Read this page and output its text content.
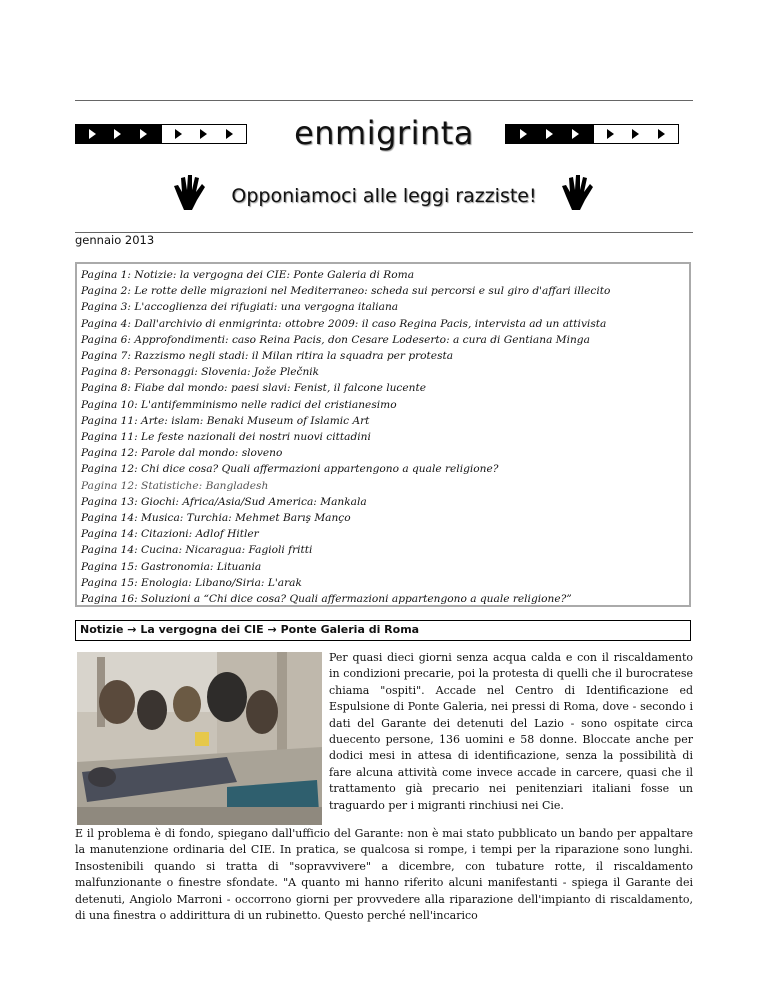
enmigrinta
Opponiamoci alle leggi razziste!
gennaio 2013
Pagina 1: Notizie: la vergogna dei CIE: Ponte Galeria di Roma
Pagina 2: Le rotte delle migrazioni nel Mediterraneo: scheda sui percorsi e sul giro d'affari illecito
Pagina 3: L'accoglienza dei rifugiati: una vergogna italiana
Pagina 4: Dall'archivio di enmigrinta: ottobre 2009: il caso Regina Pacis, intervista ad un attivista
Pagina 6: Approfondimenti: caso Reina Pacis, don Cesare Lodeserto: a cura di Gentiana Minga
Pagina 7: Razzismo negli stadi: il Milan ritira la squadra per protesta
Pagina 8: Personaggi: Slovenia: Jože Plečnik
Pagina 8: Fiabe dal mondo: paesi slavi: Fenist, il falcone lucente
Pagina 10: L'antifemminismo nelle radici del cristianesimo
Pagina 11: Arte: islam: Benaki Museum of Islamic Art
Pagina 11: Le feste nazionali dei nostri nuovi cittadini
Pagina 12: Parole dal mondo: sloveno
Pagina 12: Chi dice cosa? Quali affermazioni appartengono a quale religione?
Pagina 12: Statistiche: Bangladesh
Pagina 13: Giochi: Africa/Asia/Sud America: Mankala
Pagina 14: Musica: Turchia: Mehmet Barış Manço
Pagina 14: Citazioni: Adlof Hitler
Pagina 14: Cucina: Nicaragua: Fagioli fritti
Pagina 15: Gastronomia: Lituania
Pagina 15: Enologia: Libano/Siria: L'arak
Pagina 16: Soluzioni a “Chi dice cosa? Quali affermazioni appartengono a quale religione?”
Notizie → La vergogna dei CIE → Ponte Galeria di Roma
Per quasi dieci giorni senza acqua calda e con il riscaldamento in condizioni precarie, poi la protesta di quelli che il burocratese chiama "ospiti". Accade nel Centro di Identificazione ed Espulsione di Ponte Galeria, nei pressi di Roma, dove - secondo i dati del Garante dei detenuti del Lazio - sono ospitate circa duecento persone, 136 uomini e 58 donne. Bloccate anche per dodici mesi in attesa di identificazione, senza la possibilità di fare alcuna attività come invece accade in carcere, quasi che il trattamento già precario nei penitenziari italiani fosse un traguardo per i migranti rinchiusi nei Cie.
E il problema è di fondo, spiegano dall'ufficio del Garante: non è mai stato pubblicato un bando per appaltare la manutenzione ordinaria del CIE. In pratica, se qualcosa si rompe, i tempi per la riparazione sono lunghi. Insostenibili quando si tratta di "sopravvivere" a dicembre, con tubature rotte, il riscaldamento malfunzionante o finestre sfondate. "A quanto mi hanno riferito alcuni manifestanti - spiega il Garante dei detenuti, Angiolo Marroni - occorrono giorni per provvedere alla riparazione dell'impianto di riscaldamento, di una finestra o addirittura di un rubinetto. Questo perché nell'incarico
